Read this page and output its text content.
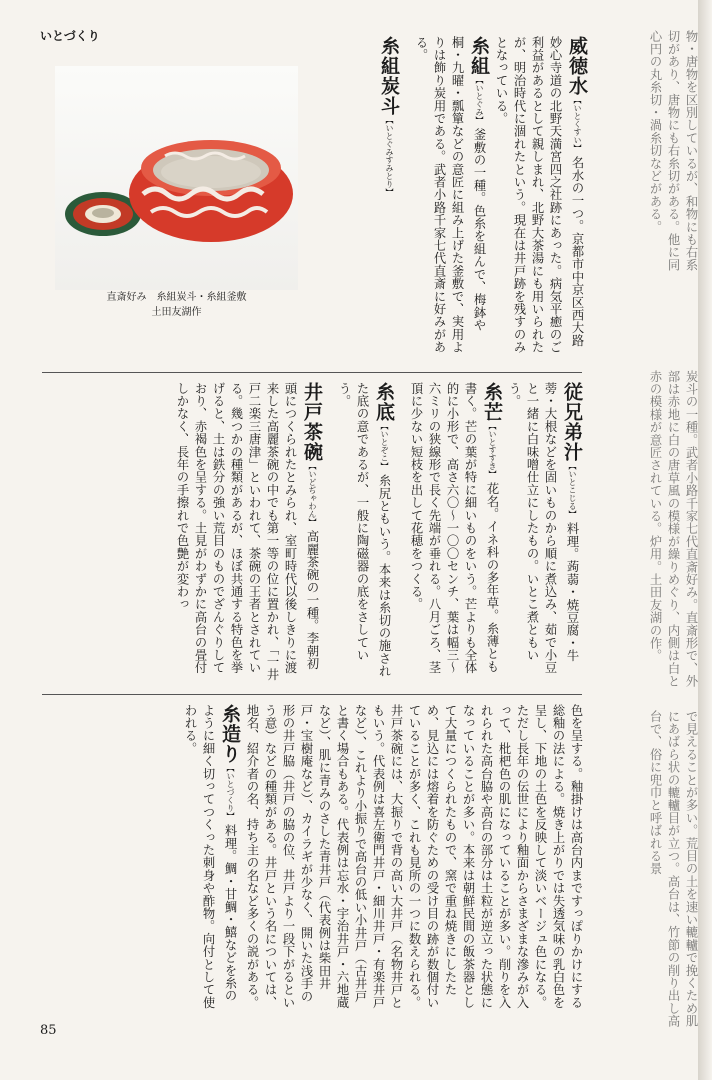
いとづくり
85

物・唐物を区別しているが、和物にも右系切があり、唐物にも右糸切がある。他に同心円の丸糸切・渦糸切などがある。

炭斗の一種。武者小路千家七代直斎好み。直斎形で、外部は赤地に白の唐草風の模様が繰りめぐり、内側は白と赤の模様が意匠されている。炉用。土田友湖の作。

で見えることが多い。荒目の土を速い轆轤で挽くため肌にあばら状の轆轤目が立つ。高台は、竹節の削り出し高台で、俗に兜巾と呼ばれる景

直斎好み　糸組炭斗・糸組釜敷
土田友湖作

威徳水【いとくすい】 名水の一つ。京都市中京区西大路妙心寺道の北野天満宮四之社跡にあった。病気平癒のご利益があるとして親しまれ、北野大茶湯にも用いられたが、明治時代に涸れたという。現在は井戸跡を残すのみとなっている。

糸組【いとぐみ】 釜敷の一種。色糸を組んで、梅鉢や桐・九曜・瓢簞などの意匠に組み上げた釜敷で、実用よりは飾り炭用である。武者小路千家七代直斎に好みがある。

糸組炭斗【いとぐみすみとり】

従兄弟汁【いとこじる】 料理。蒟蒻・焼豆腐・牛蒡・大根などを固いものから順に煮込み、茹で小豆と一緒に白味噌仕立にしたもの。いとこ煮ともいう。

糸芒【いとすすき】 花名。イネ科の多年草。糸薄とも書く。芒の葉が特に細いものをいう。芒よりも全体的に小形で、高さ六〇〜一〇〇センチ、葉は幅三〜六ミリの狭線形で長く先端が垂れる。八月ごろ、茎頂に少ない短枝を出して花穂をつくる。

糸底【いとぞこ】 糸尻ともいう。本来は糸切の施された底の意であるが、一般に陶磁器の底をさしていう。

井戸茶碗【いどぢゃわん】 高麗茶碗の一種。李朝初頭につくられたとみられ、室町時代以後しきりに渡来した高麗茶碗の中でも第一等の位に置かれ、「一井戸二楽三唐津」といわれて、茶碗の王者とされている。幾つかの種類があるが、ほぼ共通する特色を挙げると、土は鉄分の強い荒目のものでざんぐりしており、赤褐色を呈する。土見がわずかに高台の畳付しかなく、長年の手擦れで色艶が変わっ

色を呈する。釉掛けは高台内まですっぽりかけにする総釉の法による。焼き上がりでは失透気味の乳白色を呈し、下地の土色を反映して淡いベージュ色になる。ただし長年の伝世により釉面からさまざまな滲みが入って、枇杷色の肌になっていることが多い。削りを入れられた高台脇や高台の部分は土粒が逆立った状態になっていることが多い。本来は朝鮮民間の飯茶器として大量につくられたもので、窯で重ね焼きにしたため、見込には熔着を防ぐための受け目の跡が数個付いていることが多く、これも見所の一つに数えられる。井戸茶碗には、大振りで背の高い大井戸（名物井戸ともいう。代表例は喜左衛門井戸・細川井戸・有楽井戸など）、これより小振りで高台の低い小井戸（古井戸と書く場合もある。代表例は忘水・宇治井戸・六地蔵など）、肌に青みのさした青井戸（代表例は柴田井戸・宝樹庵など）、カイラギが少なく、開いた浅手の形の井戸脇（井戸の脇の位、井戸より一段下がるという意）などの種類がある。井戸という名については、地名、紹介者の名、持ち主の名など多くの説がある。

糸造り【いとづくり】 料理。鯛・甘鯛・鱚などを糸のように細く切ってつくった刺身や酢物。向付として使われる。
